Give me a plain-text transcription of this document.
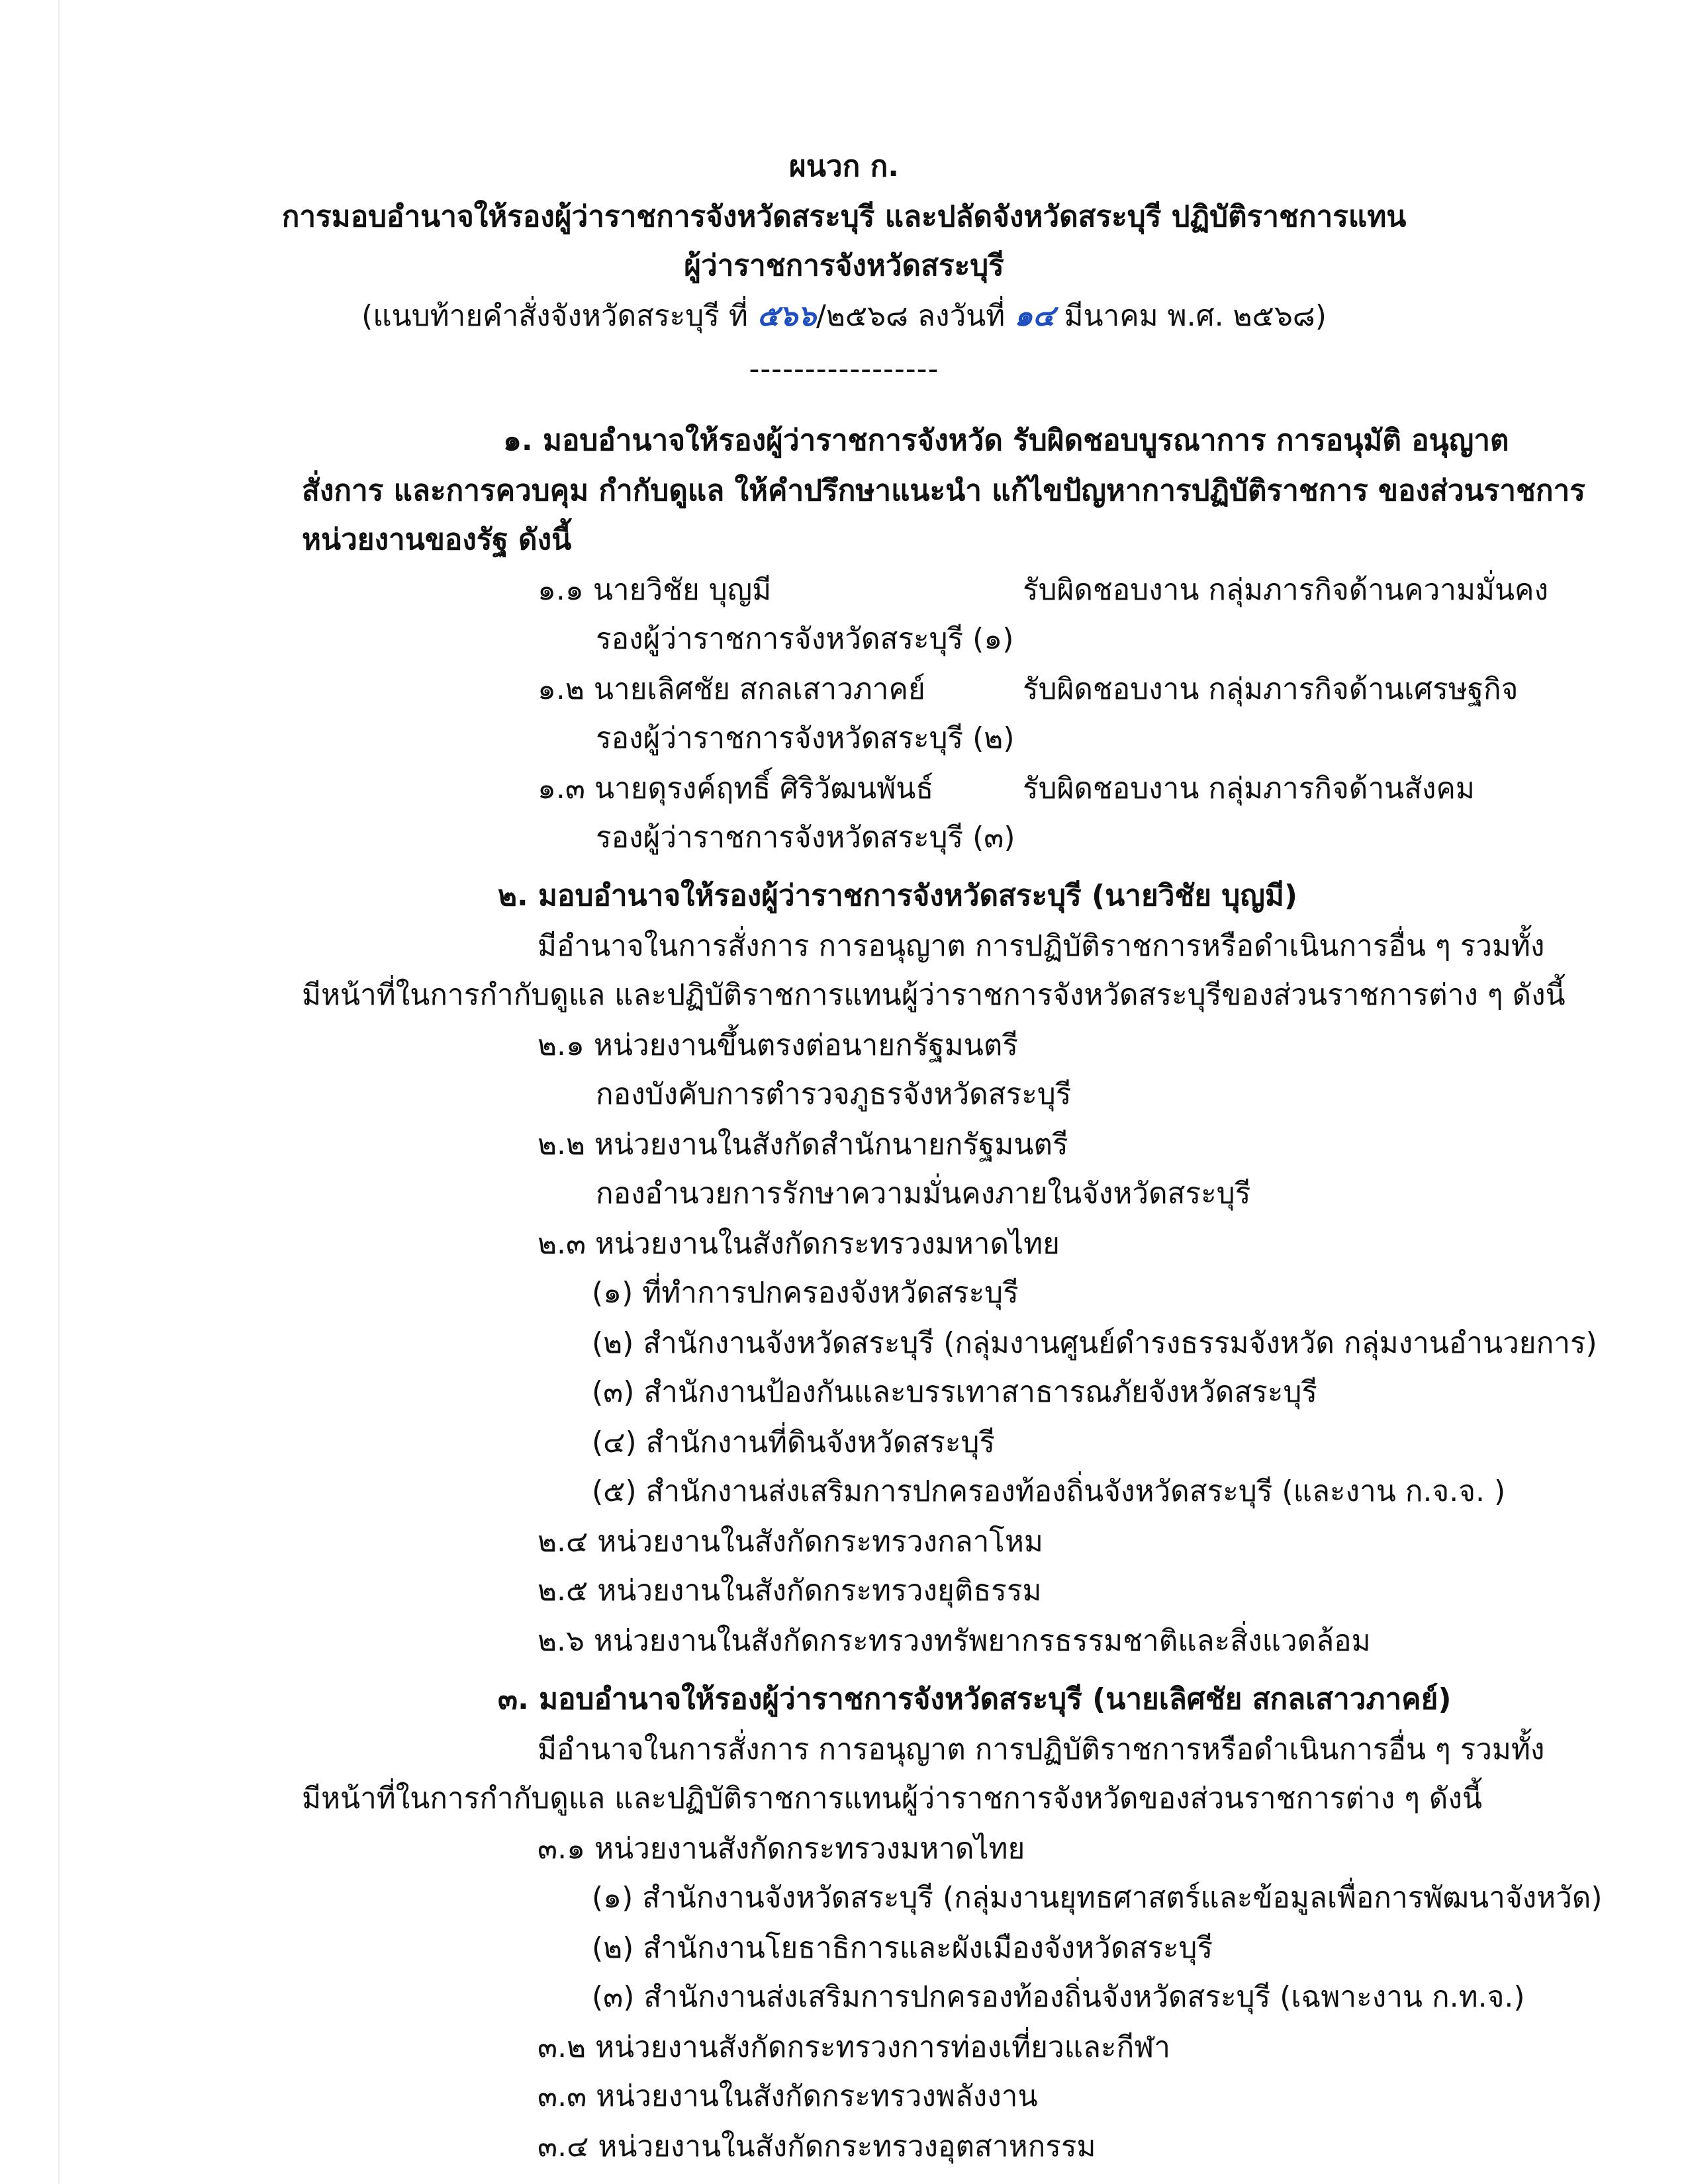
ผนวก ก.
การมอบอำนาจให้รองผู้ว่าราชการจังหวัดสระบุรี และปลัดจังหวัดสระบุรี ปฏิบัติราชการแทน
ผู้ว่าราชการจังหวัดสระบุรี
(แนบท้ายคำสั่งจังหวัดสระบุรี ที่ ๕๖๖/๒๕๖๘ ลงวันที่ ๑๔ มีนาคม พ.ศ. ๒๕๖๘)
-----------------
๑. มอบอำนาจให้รองผู้ว่าราชการจังหวัด รับผิดชอบบูรณาการ การอนุมัติ อนุญาต
สั่งการ และการควบคุม กำกับดูแล ให้คำปรึกษาแนะนำ แก้ไขปัญหาการปฏิบัติราชการ ของส่วนราชการ
หน่วยงานของรัฐ ดังนี้
๑.๑ นายวิชัย บุญมี	รับผิดชอบงาน กลุ่มภารกิจด้านความมั่นคง
รองผู้ว่าราชการจังหวัดสระบุรี (๑)
๑.๒ นายเลิศชัย สกลเสาวภาคย์	รับผิดชอบงาน กลุ่มภารกิจด้านเศรษฐกิจ
รองผู้ว่าราชการจังหวัดสระบุรี (๒)
๑.๓ นายดุรงค์ฤทธิ์ ศิริวัฒนพันธ์	รับผิดชอบงาน กลุ่มภารกิจด้านสังคม
รองผู้ว่าราชการจังหวัดสระบุรี (๓)
๒. มอบอำนาจให้รองผู้ว่าราชการจังหวัดสระบุรี (นายวิชัย บุญมี)
มีอำนาจในการสั่งการ การอนุญาต การปฏิบัติราชการหรือดำเนินการอื่น ๆ รวมทั้ง
มีหน้าที่ในการกำกับดูแล และปฏิบัติราชการแทนผู้ว่าราชการจังหวัดสระบุรีของส่วนราชการต่าง ๆ ดังนี้
๒.๑ หน่วยงานขึ้นตรงต่อนายกรัฐมนตรี
กองบังคับการตำรวจภูธรจังหวัดสระบุรี
๒.๒ หน่วยงานในสังกัดสำนักนายกรัฐมนตรี
กองอำนวยการรักษาความมั่นคงภายในจังหวัดสระบุรี
๒.๓ หน่วยงานในสังกัดกระทรวงมหาดไทย
(๑) ที่ทำการปกครองจังหวัดสระบุรี
(๒) สำนักงานจังหวัดสระบุรี (กลุ่มงานศูนย์ดำรงธรรมจังหวัด กลุ่มงานอำนวยการ)
(๓) สำนักงานป้องกันและบรรเทาสาธารณภัยจังหวัดสระบุรี
(๔) สำนักงานที่ดินจังหวัดสระบุรี
(๕) สำนักงานส่งเสริมการปกครองท้องถิ่นจังหวัดสระบุรี (และงาน ก.จ.จ. )
๒.๔ หน่วยงานในสังกัดกระทรวงกลาโหม
๒.๕ หน่วยงานในสังกัดกระทรวงยุติธรรม
๒.๖ หน่วยงานในสังกัดกระทรวงทรัพยากรธรรมชาติและสิ่งแวดล้อม
๓. มอบอำนาจให้รองผู้ว่าราชการจังหวัดสระบุรี (นายเลิศชัย สกลเสาวภาคย์)
มีอำนาจในการสั่งการ การอนุญาต การปฏิบัติราชการหรือดำเนินการอื่น ๆ รวมทั้ง
มีหน้าที่ในการกำกับดูแล และปฏิบัติราชการแทนผู้ว่าราชการจังหวัดของส่วนราชการต่าง ๆ ดังนี้
๓.๑ หน่วยงานสังกัดกระทรวงมหาดไทย
(๑) สำนักงานจังหวัดสระบุรี (กลุ่มงานยุทธศาสตร์และข้อมูลเพื่อการพัฒนาจังหวัด)
(๒) สำนักงานโยธาธิการและผังเมืองจังหวัดสระบุรี
(๓) สำนักงานส่งเสริมการปกครองท้องถิ่นจังหวัดสระบุรี (เฉพาะงาน ก.ท.จ.)
๓.๒ หน่วยงานสังกัดกระทรวงการท่องเที่ยวและกีฬา
๓.๓ หน่วยงานในสังกัดกระทรวงพลังงาน
๓.๔ หน่วยงานในสังกัดกระทรวงอุตสาหกรรม
